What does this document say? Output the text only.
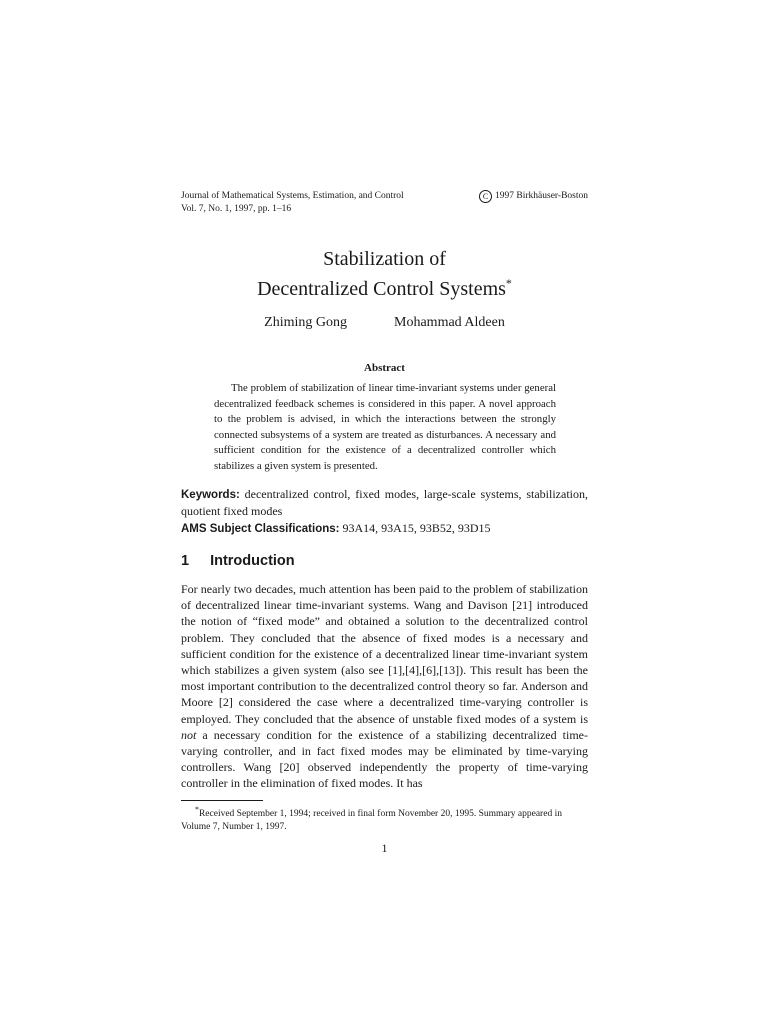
Journal of Mathematical Systems, Estimation, and Control	C 1997 Birkhäuser-Boston
Vol. 7, No. 1, 1997, pp. 1–16
Stabilization of
Decentralized Control Systems*
Zhiming Gong	Mohammad Aldeen
Abstract
The problem of stabilization of linear time-invariant systems under general decentralized feedback schemes is considered in this paper. A novel approach to the problem is advised, in which the interactions between the strongly connected subsystems of a system are treated as disturbances. A necessary and sufficient condition for the existence of a decentralized controller which stabilizes a given system is presented.
Keywords: decentralized control, fixed modes, large-scale systems, stabilization, quotient fixed modes
AMS Subject Classifications: 93A14, 93A15, 93B52, 93D15
1 Introduction
For nearly two decades, much attention has been paid to the problem of stabilization of decentralized linear time-invariant systems. Wang and Davison [21] introduced the notion of “fixed mode” and obtained a solution to the decentralized control problem. They concluded that the absence of fixed modes is a necessary and sufficient condition for the existence of a decentralized linear time-invariant system which stabilizes a given system (also see [1],[4],[6],[13]). This result has been the most important contribution to the decentralized control theory so far. Anderson and Moore [2] considered the case where a decentralized time-varying controller is employed. They concluded that the absence of unstable fixed modes of a system is not a necessary condition for the existence of a stabilizing decentralized time-varying controller, and in fact fixed modes may be eliminated by time-varying controllers. Wang [20] observed independently the property of time-varying controller in the elimination of fixed modes. It has
*Received September 1, 1994; received in final form November 20, 1995. Summary appeared in Volume 7, Number 1, 1997.
1
